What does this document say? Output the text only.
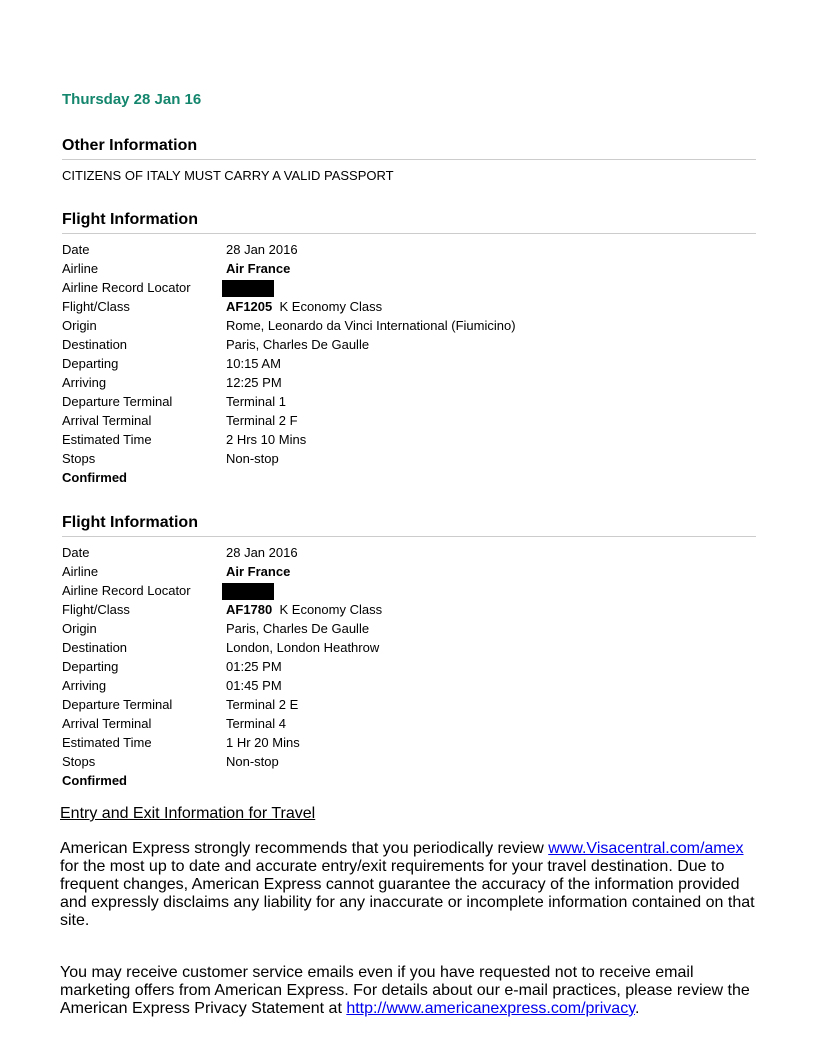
Thursday 28 Jan 16
Other Information
CITIZENS OF ITALY MUST CARRY A VALID PASSPORT
Flight Information
Date	28 Jan 2016
Airline	Air France
Airline Record Locator
Flight/Class	AF1205 K Economy Class
Origin	Rome, Leonardo da Vinci International (Fiumicino)
Destination	Paris, Charles De Gaulle
Departing	10:15 AM
Arriving	12:25 PM
Departure Terminal	Terminal 1
Arrival Terminal	Terminal 2 F
Estimated Time	2 Hrs 10 Mins
Stops	Non-stop
Confirmed
Flight Information
Date	28 Jan 2016
Airline	Air France
Airline Record Locator
Flight/Class	AF1780 K Economy Class
Origin	Paris, Charles De Gaulle
Destination	London, London Heathrow
Departing	01:25 PM
Arriving	01:45 PM
Departure Terminal	Terminal 2 E
Arrival Terminal	Terminal 4
Estimated Time	1 Hr 20 Mins
Stops	Non-stop
Confirmed
Entry and Exit Information for Travel
American Express strongly recommends that you periodically review www.Visacentral.com/amex for the most up to date and accurate entry/exit requirements for your travel destination. Due to frequent changes, American Express cannot guarantee the accuracy of the information provided and expressly disclaims any liability for any inaccurate or incomplete information contained on that site.
You may receive customer service emails even if you have requested not to receive email marketing offers from American Express. For details about our e-mail practices, please review the American Express Privacy Statement at http://www.americanexpress.com/privacy.
